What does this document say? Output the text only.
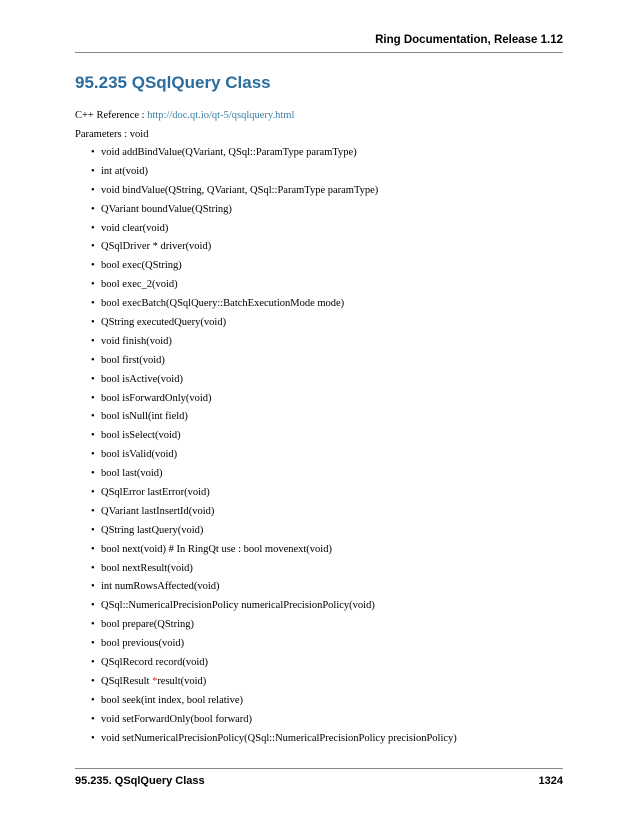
Ring Documentation, Release 1.12
95.235 QSqlQuery Class
C++ Reference : http://doc.qt.io/qt-5/qsqlquery.html
Parameters : void
• void addBindValue(QVariant, QSql::ParamType paramType)
• int at(void)
• void bindValue(QString, QVariant, QSql::ParamType paramType)
• QVariant boundValue(QString)
• void clear(void)
• QSqlDriver * driver(void)
• bool exec(QString)
• bool exec_2(void)
• bool execBatch(QSqlQuery::BatchExecutionMode mode)
• QString executedQuery(void)
• void finish(void)
• bool first(void)
• bool isActive(void)
• bool isForwardOnly(void)
• bool isNull(int field)
• bool isSelect(void)
• bool isValid(void)
• bool last(void)
• QSqlError lastError(void)
• QVariant lastInsertId(void)
• QString lastQuery(void)
• bool next(void) # In RingQt use : bool movenext(void)
• bool nextResult(void)
• int numRowsAffected(void)
• QSql::NumericalPrecisionPolicy numericalPrecisionPolicy(void)
• bool prepare(QString)
• bool previous(void)
• QSqlRecord record(void)
• QSqlResult *result(void)
• bool seek(int index, bool relative)
• void setForwardOnly(bool forward)
• void setNumericalPrecisionPolicy(QSql::NumericalPrecisionPolicy precisionPolicy)
95.235. QSqlQuery Class	1324
